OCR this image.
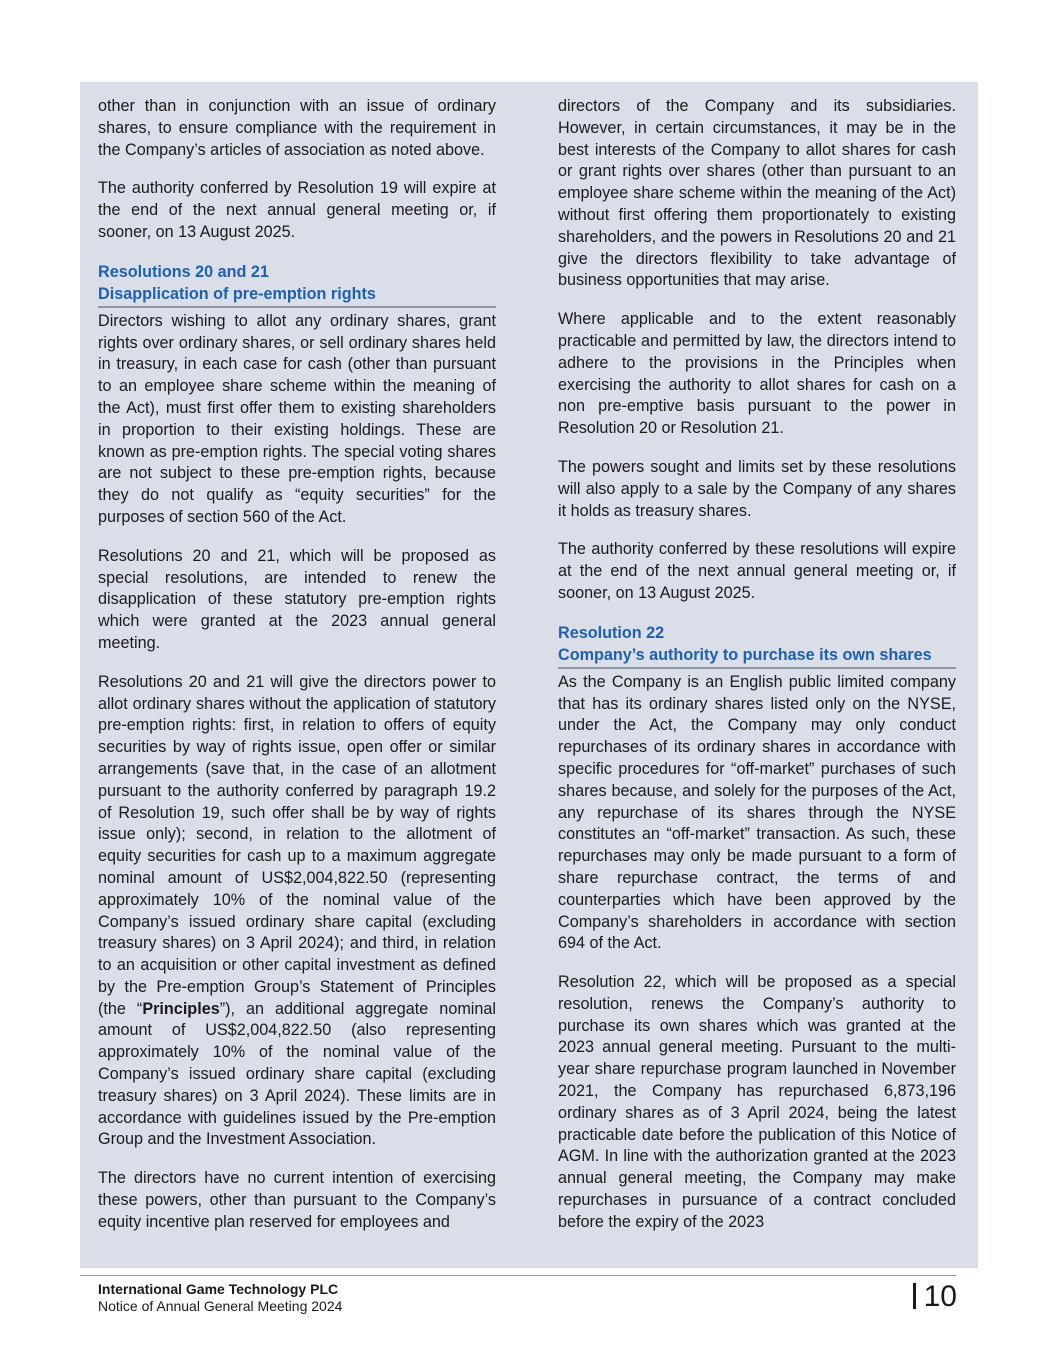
other than in conjunction with an issue of ordinary shares, to ensure compliance with the requirement in the Company’s articles of association as noted above.

The authority conferred by Resolution 19 will expire at the end of the next annual general meeting or, if sooner, on 13 August 2025.

Resolutions 20 and 21
Disapplication of pre-emption rights

Directors wishing to allot any ordinary shares, grant rights over ordinary shares, or sell ordinary shares held in treasury, in each case for cash (other than pursuant to an employee share scheme within the meaning of the Act), must first offer them to existing shareholders in proportion to their existing holdings. These are known as pre-emption rights. The special voting shares are not subject to these pre-emption rights, because they do not qualify as “equity securities” for the purposes of section 560 of the Act.

Resolutions 20 and 21, which will be proposed as special resolutions, are intended to renew the disapplication of these statutory pre-emption rights which were granted at the 2023 annual general meeting.

Resolutions 20 and 21 will give the directors power to allot ordinary shares without the application of statutory pre-emption rights: first, in relation to offers of equity securities by way of rights issue, open offer or similar arrangements (save that, in the case of an allotment pursuant to the authority conferred by paragraph 19.2 of Resolution 19, such offer shall be by way of rights issue only); second, in relation to the allotment of equity securities for cash up to a maximum aggregate nominal amount of US$2,004,822.50 (representing approximately 10% of the nominal value of the Company’s issued ordinary share capital (excluding treasury shares) on 3 April 2024); and third, in relation to an acquisition or other capital investment as defined by the Pre-emption Group’s Statement of Principles (the “Principles”), an additional aggregate nominal amount of US$2,004,822.50 (also representing approximately 10% of the nominal value of the Company’s issued ordinary share capital (excluding treasury shares) on 3 April 2024). These limits are in accordance with guidelines issued by the Pre-emption Group and the Investment Association.

The directors have no current intention of exercising these powers, other than pursuant to the Company’s equity incentive plan reserved for employees and

directors of the Company and its subsidiaries. However, in certain circumstances, it may be in the best interests of the Company to allot shares for cash or grant rights over shares (other than pursuant to an employee share scheme within the meaning of the Act) without first offering them proportionately to existing shareholders, and the powers in Resolutions 20 and 21 give the directors flexibility to take advantage of business opportunities that may arise.

Where applicable and to the extent reasonably practicable and permitted by law, the directors intend to adhere to the provisions in the Principles when exercising the authority to allot shares for cash on a non pre-emptive basis pursuant to the power in Resolution 20 or Resolution 21.

The powers sought and limits set by these resolutions will also apply to a sale by the Company of any shares it holds as treasury shares.

The authority conferred by these resolutions will expire at the end of the next annual general meeting or, if sooner, on 13 August 2025.

Resolution 22
Company’s authority to purchase its own shares

As the Company is an English public limited company that has its ordinary shares listed only on the NYSE, under the Act, the Company may only conduct repurchases of its ordinary shares in accordance with specific procedures for “off-market” purchases of such shares because, and solely for the purposes of the Act, any repurchase of its shares through the NYSE constitutes an “off-market” transaction. As such, these repurchases may only be made pursuant to a form of share repurchase contract, the terms of and counterparties which have been approved by the Company’s shareholders in accordance with section 694 of the Act.

Resolution 22, which will be proposed as a special resolution, renews the Company’s authority to purchase its own shares which was granted at the 2023 annual general meeting. Pursuant to the multi-year share repurchase program launched in November 2021, the Company has repurchased 6,873,196 ordinary shares as of 3 April 2024, being the latest practicable date before the publication of this Notice of AGM. In line with the authorization granted at the 2023 annual general meeting, the Company may make repurchases in pursuance of a contract concluded before the expiry of the 2023

International Game Technology PLC
Notice of Annual General Meeting 2024	10
